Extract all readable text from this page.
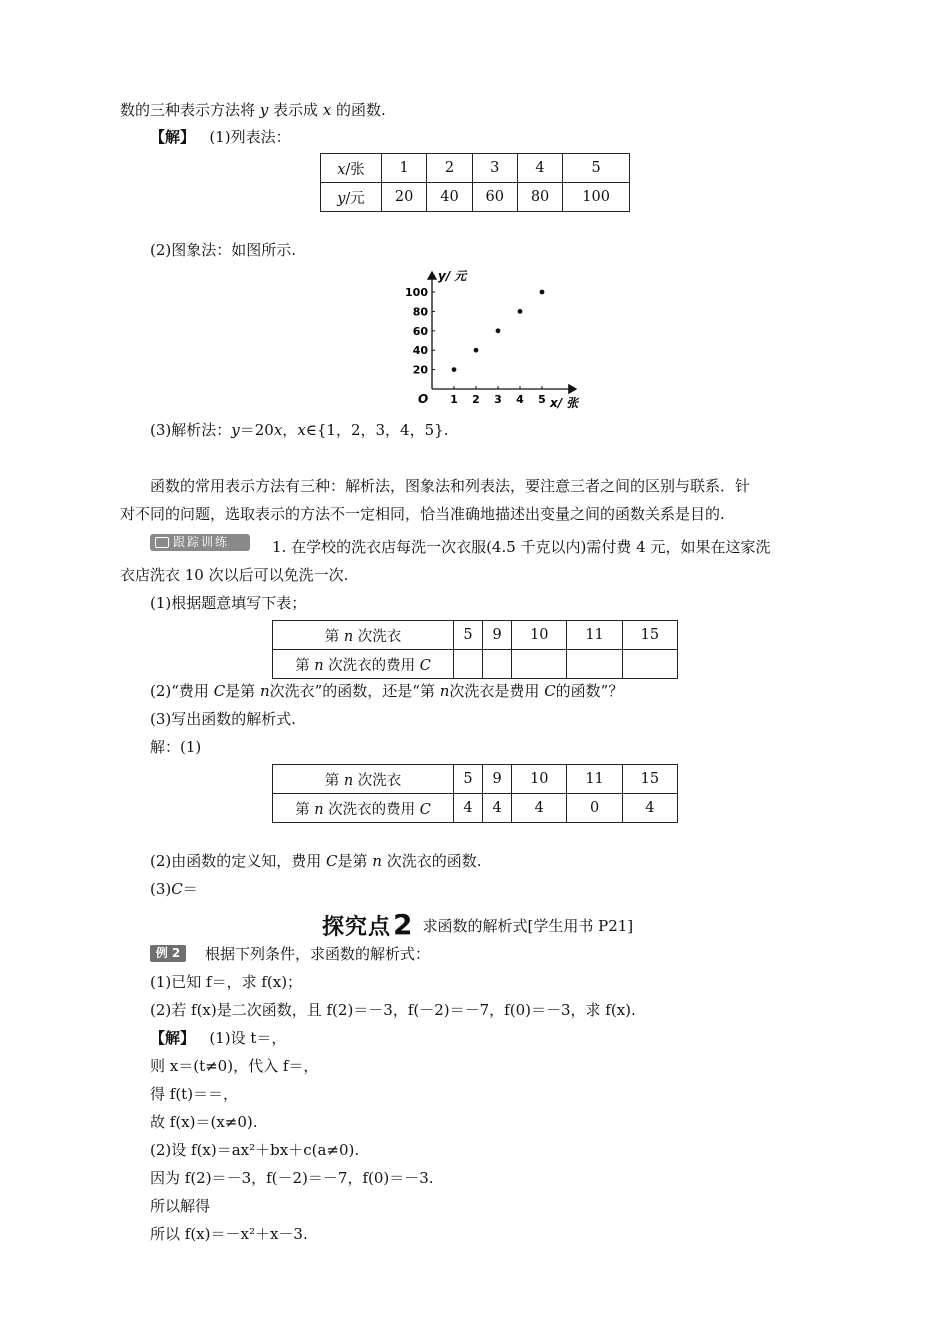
数的三种表示方法将 y 表示成 x 的函数.
【解】 (1)列表法：
x/张	1	2	3	4	5
y/元	20	40	60	80	100
(2)图象法：如图所示.
1 2 3 4 5
20
40
60
80
100
O	x/ 张
y/ 元
(3)解析法：y＝20x，x∈{1，2，3，4，5}.
函数的常用表示方法有三种：解析法，图象法和列表法，要注意三者之间的区别与联系．针
对不同的问题，选取表示的方法不一定相同，恰当准确地描述出变量之间的函数关系是目的.
跟踪训练	1. 在学校的洗衣店每洗一次衣服(4.5 千克以内)需付费 4 元，如果在这家洗
衣店洗衣 10 次以后可以免洗一次.
(1)根据题意填写下表；
第 n 次洗衣	5	9	10	11	15
第 n 次洗衣的费用 C					
(2)“费用 C是第 n次洗衣”的函数，还是“第 n次洗衣是费用 C的函数”？
(3)写出函数的解析式.
解：(1)
第 n 次洗衣	5	9	10	11	15
第 n 次洗衣的费用 C	4	4	4	0	4
(2)由函数的定义知，费用 C是第 n 次洗衣的函数.
(3)C＝
探究点2 求函数的解析式[学生用书 P21]
例 2	根据下列条件，求函数的解析式：
(1)已知 f＝，求 f(x)；
(2)若 f(x)是二次函数，且 f(2)＝－3，f(－2)＝－7，f(0)＝－3，求 f(x).
【解】 (1)设 t＝，
则 x＝(t≠0)，代入 f＝，
得 f(t)＝＝，
故 f(x)＝(x≠0).
(2)设 f(x)＝ax²＋bx＋c(a≠0).
因为 f(2)＝－3，f(－2)＝－7，f(0)＝－3.
所以解得
所以 f(x)＝－x²＋x－3.
